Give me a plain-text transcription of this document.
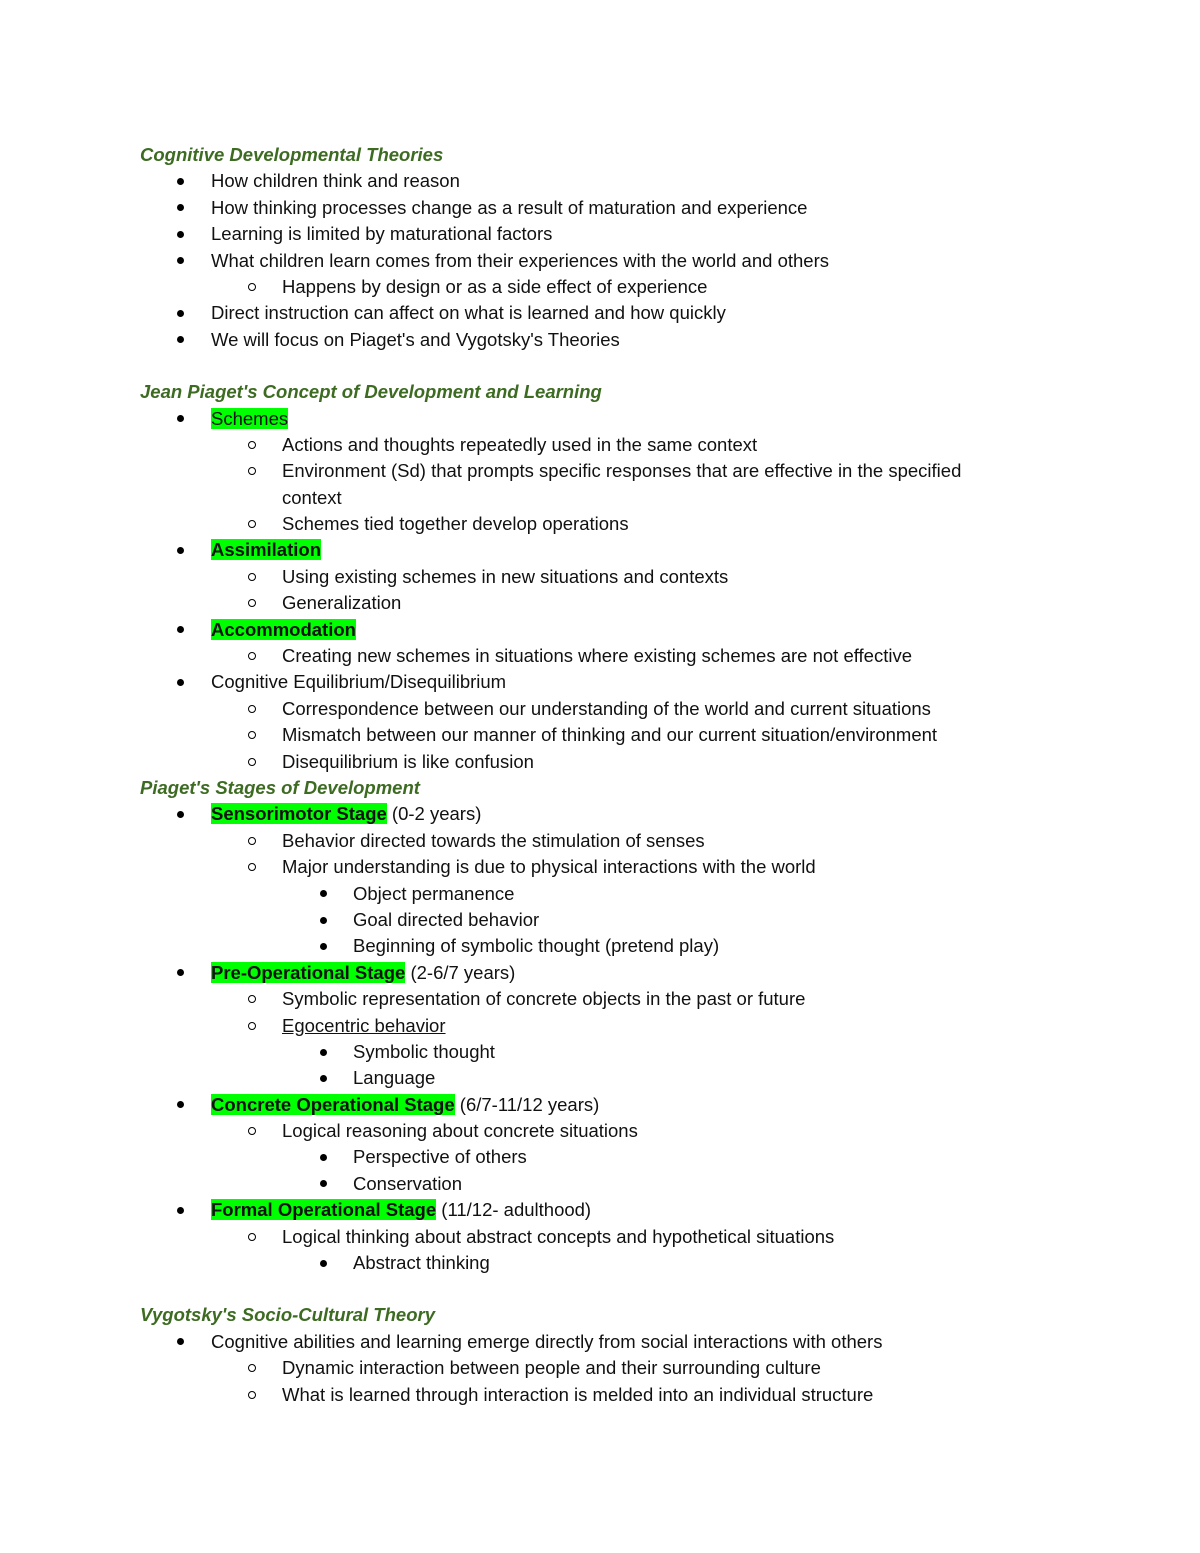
Cognitive Developmental Theories
How children think and reason
How thinking processes change as a result of maturation and experience
Learning is limited by maturational factors
What children learn comes from their experiences with the world and others
Happens by design or as a side effect of experience
Direct instruction can affect on what is learned and how quickly
We will focus on Piaget's and Vygotsky's Theories
Jean Piaget's Concept of Development and Learning
Schemes
Actions and thoughts repeatedly used in the same context
Environment (Sd) that prompts specific responses that are effective in the specified
context
Schemes tied together develop operations
Assimilation
Using existing schemes in new situations and contexts
Generalization
Accommodation
Creating new schemes in situations where existing schemes are not effective
Cognitive Equilibrium/Disequilibrium
Correspondence between our understanding of the world and current situations
Mismatch between our manner of thinking and our current situation/environment
Disequilibrium is like confusion
Piaget's Stages of Development
Sensorimotor Stage (0-2 years)
Behavior directed towards the stimulation of senses
Major understanding is due to physical interactions with the world
Object permanence
Goal directed behavior
Beginning of symbolic thought (pretend play)
Pre-Operational Stage (2-6/7 years)
Symbolic representation of concrete objects in the past or future
Egocentric behavior
Symbolic thought
Language
Concrete Operational Stage (6/7-11/12 years)
Logical reasoning about concrete situations
Perspective of others
Conservation
Formal Operational Stage (11/12- adulthood)
Logical thinking about abstract concepts and hypothetical situations
Abstract thinking
Vygotsky's Socio-Cultural Theory
Cognitive abilities and learning emerge directly from social interactions with others
Dynamic interaction between people and their surrounding culture
What is learned through interaction is melded into an individual structure
